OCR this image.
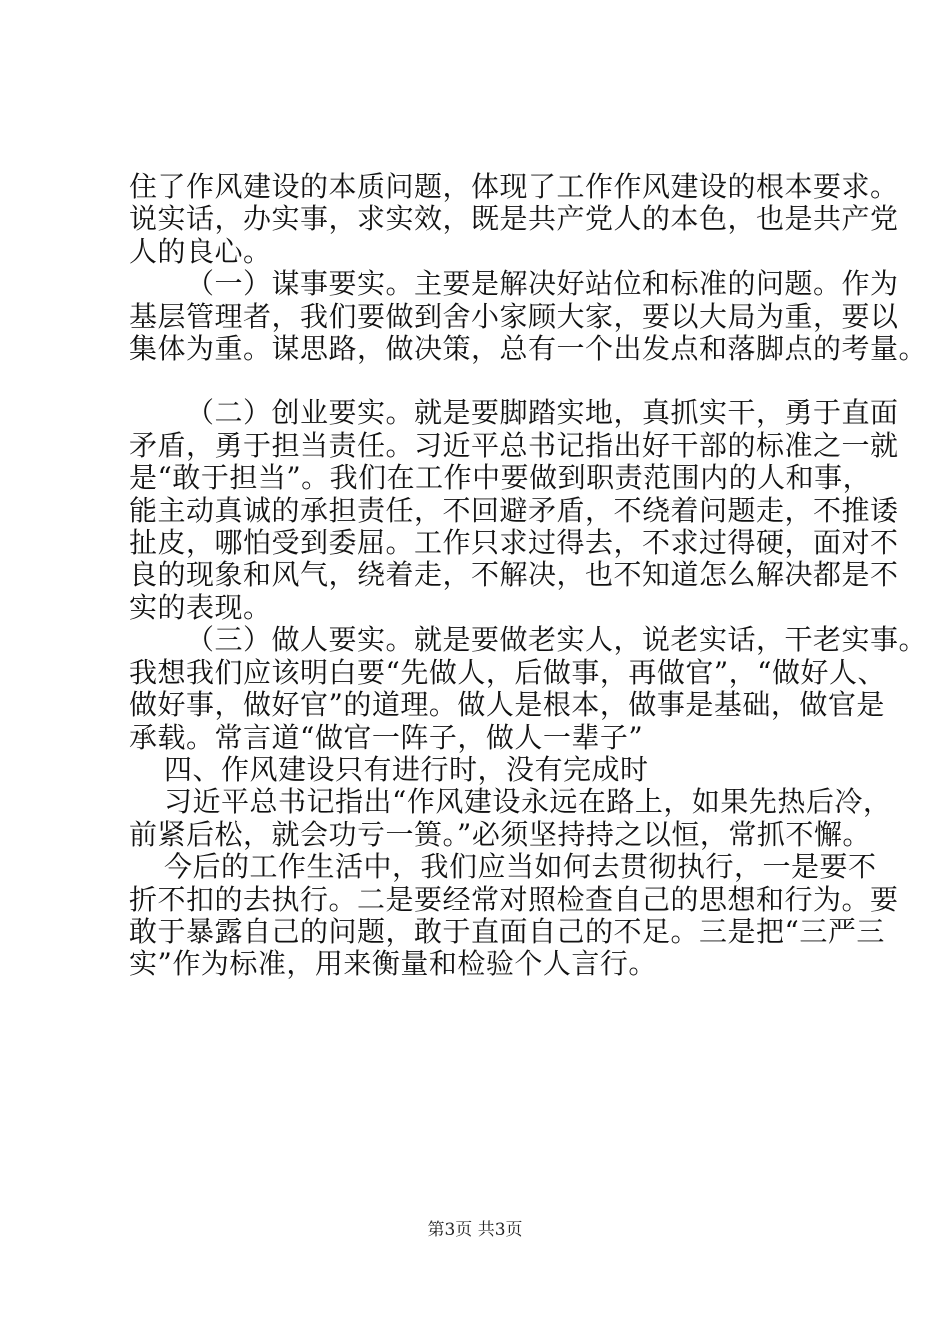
住了作风建设的本质问题，体现了工作作风建设的根本要求。

说实话，办实事，求实效，既是共产党人的本色，也是共产党

人的良心。

（一）谋事要实。主要是解决好站位和标准的问题。作为

基层管理者，我们要做到舍小家顾大家，要以大局为重，要以

集体为重。谋思路，做决策，总有一个出发点和落脚点的考量。

（二）创业要实。就是要脚踏实地，真抓实干，勇于直面

矛盾，勇于担当责任。习近平总书记指出好干部的标准之一就

是“敢于担当”。我们在工作中要做到职责范围内的人和事，

能主动真诚的承担责任，不回避矛盾，不绕着问题走，不推诿

扯皮，哪怕受到委屈。工作只求过得去，不求过得硬，面对不

良的现象和风气，绕着走，不解决，也不知道怎么解决都是不

实的表现。

（三）做人要实。就是要做老实人，说老实话，干老实事。

我想我们应该明白要“先做人，后做事，再做官”，“做好人、

做好事，做好官”的道理。做人是根本，做事是基础，做官是

承载。常言道“做官一阵子，做人一辈子”

四、作风建设只有进行时，没有完成时

习近平总书记指出“作风建设永远在路上，如果先热后冷，

前紧后松，就会功亏一篑。”必须坚持持之以恒，常抓不懈。

今后的工作生活中，我们应当如何去贯彻执行，一是要不

折不扣的去执行。二是要经常对照检查自己的思想和行为。要

敢于暴露自己的问题，敢于直面自己的不足。三是把“三严三

实”作为标准，用来衡量和检验个人言行。

第3页 共3页
